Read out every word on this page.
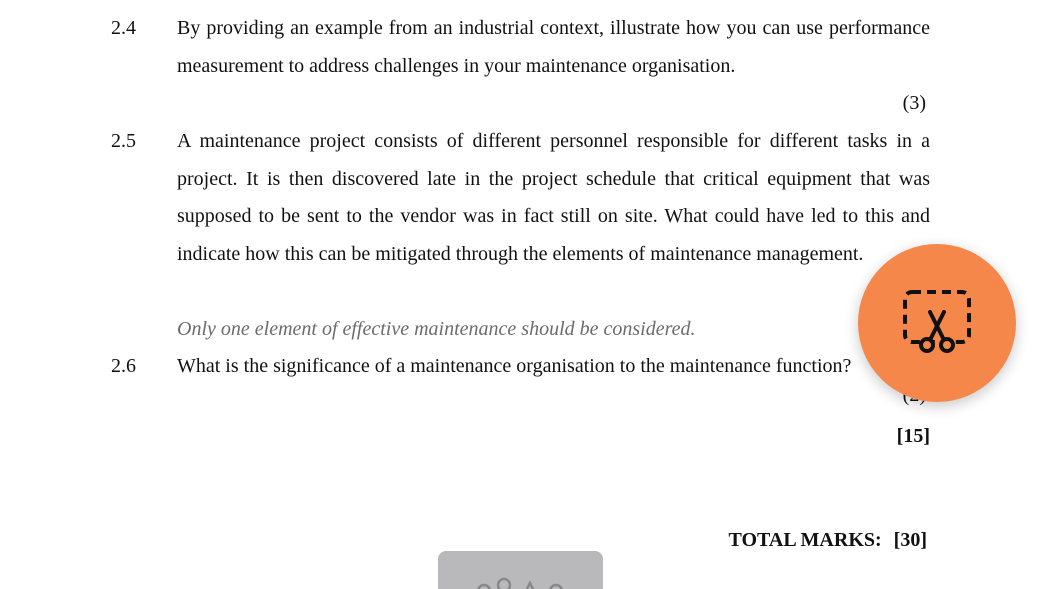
2.4 By providing an example from an industrial context, illustrate how you can use performance measurement to address challenges in your maintenance organisation.
(3)
2.5 A maintenance project consists of different personnel responsible for different tasks in a project. It is then discovered late in the project schedule that critical equipment that was supposed to be sent to the vendor was in fact still on site. What could have led to this and indicate how this can be mitigated through the elements of maintenance management.
Only one element of effective maintenance should be considered.
2.6 What is the significance of a maintenance organisation to the maintenance function?
[15]
TOTAL MARKS: [30]
